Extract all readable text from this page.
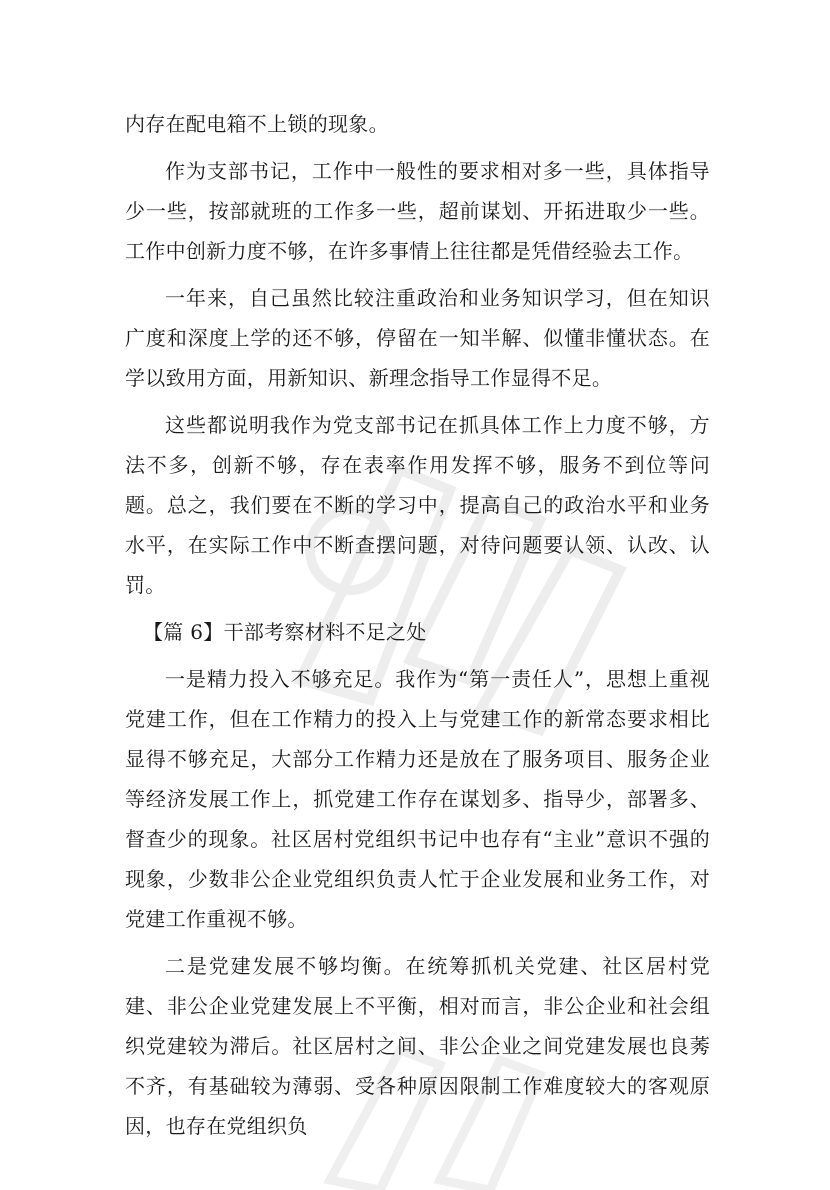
内存在配电箱不上锁的现象。

作为支部书记，工作中一般性的要求相对多一些，具体指导少一些，按部就班的工作多一些，超前谋划、开拓进取少一些。工作中创新力度不够，在许多事情上往往都是凭借经验去工作。

一年来，自己虽然比较注重政治和业务知识学习，但在知识广度和深度上学的还不够，停留在一知半解、似懂非懂状态。在学以致用方面，用新知识、新理念指导工作显得不足。

这些都说明我作为党支部书记在抓具体工作上力度不够，方法不多，创新不够，存在表率作用发挥不够，服务不到位等问题。总之，我们要在不断的学习中，提高自己的政治水平和业务水平，在实际工作中不断查摆问题，对待问题要认领、认改、认罚。

【篇 6】干部考察材料不足之处

一是精力投入不够充足。我作为“第一责任人”，思想上重视党建工作，但在工作精力的投入上与党建工作的新常态要求相比显得不够充足，大部分工作精力还是放在了服务项目、服务企业等经济发展工作上，抓党建工作存在谋划多、指导少，部署多、督查少的现象。社区居村党组织书记中也存有“主业”意识不强的现象，少数非公企业党组织负责人忙于企业发展和业务工作，对党建工作重视不够。

二是党建发展不够均衡。在统筹抓机关党建、社区居村党建、非公企业党建发展上不平衡，相对而言，非公企业和社会组织党建较为滞后。社区居村之间、非公企业之间党建发展也良莠不齐，有基础较为薄弱、受各种原因限制工作难度较大的客观原因，也存在党组织负
